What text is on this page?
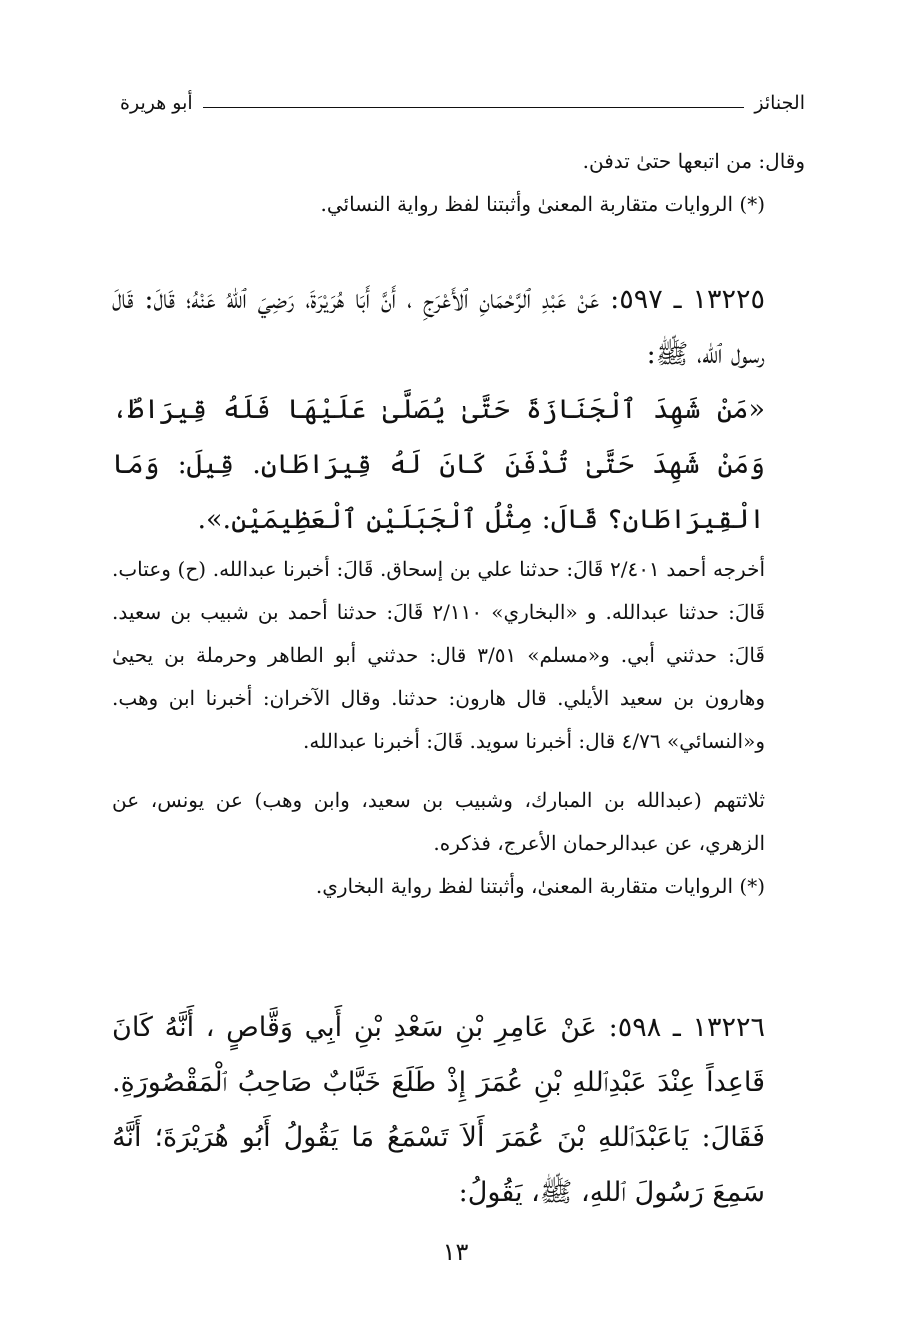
الجنائز
أبو هريرة
وقال: من اتبعها حتىٰ تدفن.
(*) الروايات متقاربة المعنىٰ وأثبتنا لفظ رواية النسائي.
١٣٢٢٥ ـ ٥٩٧: عَنْ عَبْدِ ٱلرَّحْمَانِ ٱلأَعْرَجِ ، أَنَّ أَبَا هُرَيْرَةَ، رَضِيَ ٱللهُ عَنْهُ؛ قَالَ: قَالَ رسول ٱلله، ﷺ:
«مَنْ شَهِدَ ٱلْجَنَازَةَ حَتَّىٰ يُصَلَّىٰ عَلَيْهَا فَلَهُ قِيرَاطٌ، وَمَنْ شَهِدَ حَتَّىٰ تُدْفَنَ كَانَ لَهُ قِيرَاطَانِ. قِيلَ: وَمَا الْقِيرَاطَانِ؟ قَالَ: مِثْلُ ٱلْجَبَلَيْنِ ٱلْعَظِيمَيْنِ.».
أخرجه أحمد ٢/٤٠١ قَالَ: حدثنا علي بن إسحاق. قَالَ: أخبرنا عبدالله. (ح) وعتاب. قَالَ: حدثنا عبدالله. و «البخاري» ٢/١١٠ قَالَ: حدثنا أحمد بن شبيب بن سعيد. قَالَ: حدثني أبي. و«مسلم» ٣/٥١ قال: حدثني أبو الطاهر وحرملة بن يحيىٰ وهارون بن سعيد الأيلي. قال هارون: حدثنا. وقال الآخران: أخبرنا ابن وهب. و«النسائي» ٤/٧٦ قال: أخبرنا سويد. قَالَ: أخبرنا عبدالله.
ثلاثتهم (عبدالله بن المبارك، وشبيب بن سعيد، وابن وهب) عن يونس، عن الزهري، عن عبدالرحمان الأعرج، فذكره.
(*) الروايات متقاربة المعنىٰ، وأثبتنا لفظ رواية البخاري.
١٣٢٢٦ ـ ٥٩٨: عَنْ عَامِرِ بْنِ سَعْدِ بْنِ أَبِي وَقَّاصٍ ، أَنَّهُ كَانَ قَاعِداً عِنْدَ عَبْدِٱللهِ بْنِ عُمَرَ إِذْ طَلَعَ خَبَّابٌ صَاحِبُ ٱلْمَقْصُورَةِ. فَقَالَ: يَاعَبْدَٱللهِ بْنَ عُمَرَ أَلاَ تَسْمَعُ مَا يَقُولُ أَبُو هُرَيْرَةَ؛ أَنَّهُ سَمِعَ رَسُولَ ٱللهِ، ﷺ، يَقُولُ:
١٣
